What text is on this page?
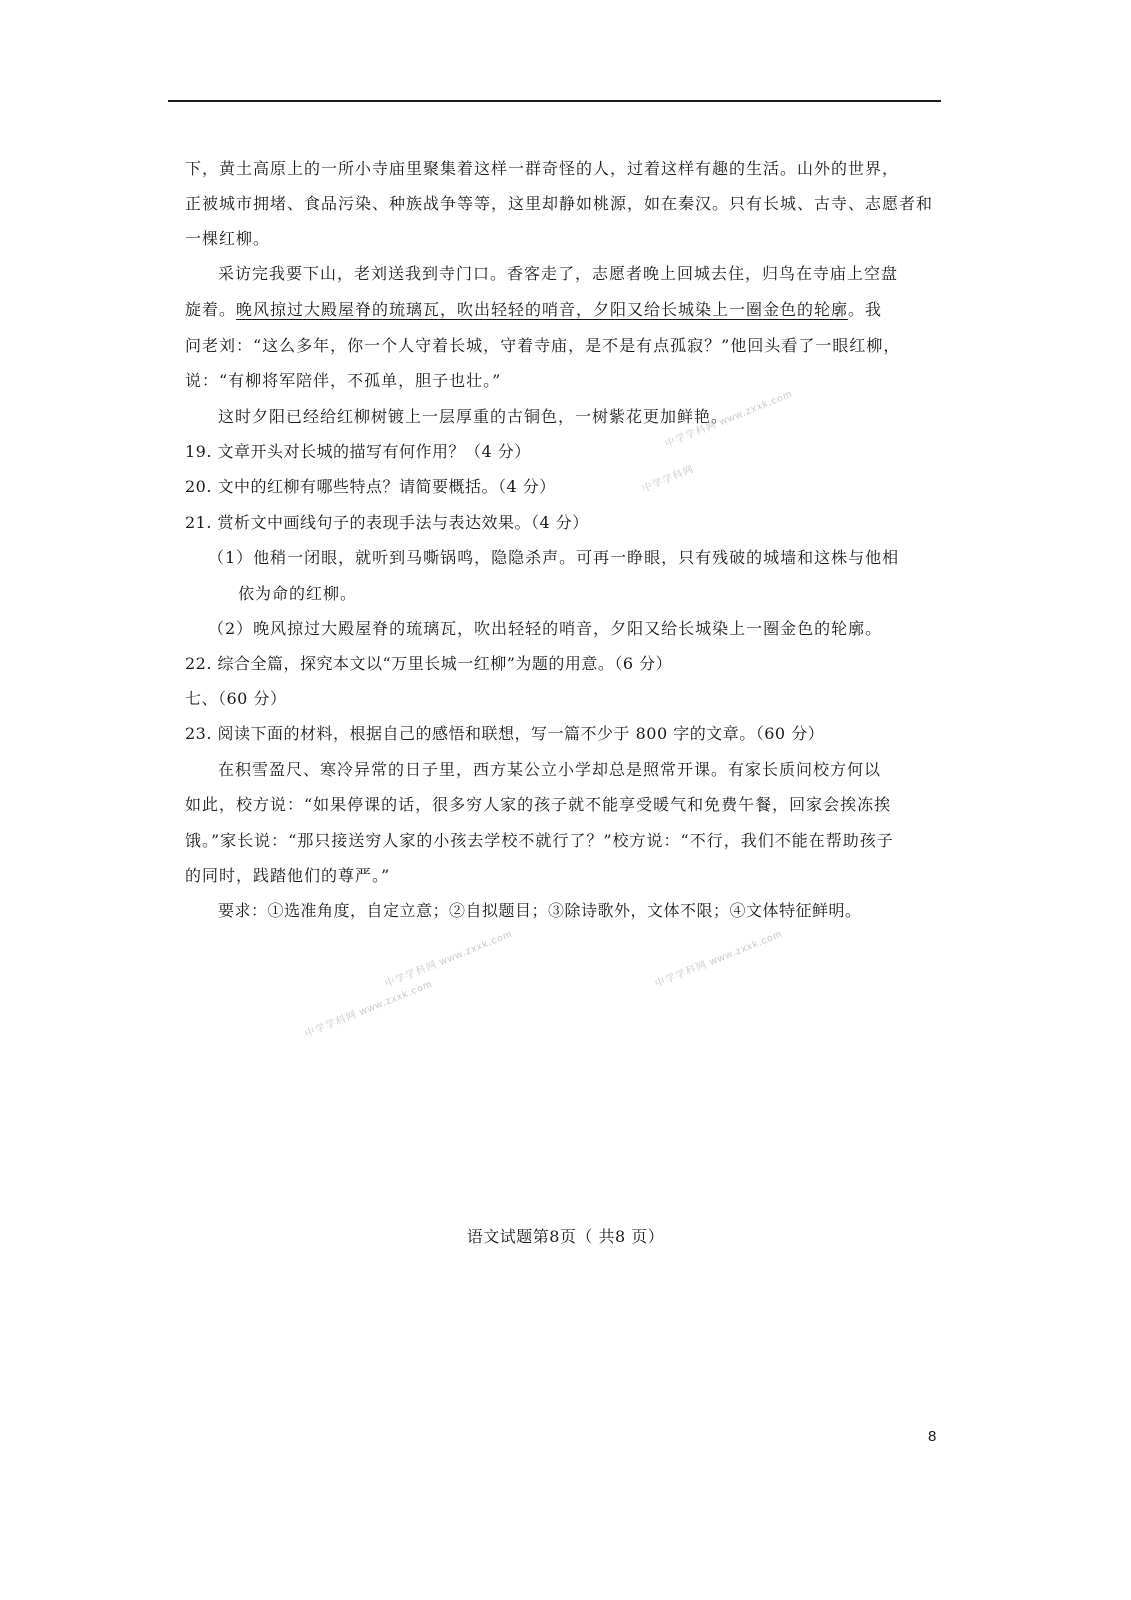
下，黄土高原上的一所小寺庙里聚集着这样一群奇怪的人，过着这样有趣的生活。山外的世界，
正被城市拥堵、食品污染、种族战争等等，这里却静如桃源，如在秦汉。只有长城、古寺、志愿者和
一棵红柳。
采访完我要下山，老刘送我到寺门口。香客走了，志愿者晚上回城去住，归鸟在寺庙上空盘
旋着。晚风掠过大殿屋脊的琉璃瓦，吹出轻轻的哨音，夕阳又给长城染上一圈金色的轮廓。我
问老刘：“这么多年，你一个人守着长城，守着寺庙，是不是有点孤寂？”他回头看了一眼红柳，
说：“有柳将军陪伴，不孤单，胆子也壮。”
这时夕阳已经给红柳树镀上一层厚重的古铜色，一树紫花更加鲜艳。
19. 文章开头对长城的描写有何作用？（4 分）
20. 文中的红柳有哪些特点？请简要概括。（4 分）
21. 赏析文中画线句子的表现手法与表达效果。（4 分）
（1）他稍一闭眼，就听到马嘶锅鸣，隐隐杀声。可再一睁眼，只有残破的城墙和这株与他相
依为命的红柳。
（2）晚风掠过大殿屋脊的琉璃瓦，吹出轻轻的哨音，夕阳又给长城染上一圈金色的轮廓。
22. 综合全篇，探究本文以“万里长城一红柳”为题的用意。（6 分）
七、（60 分）
23. 阅读下面的材料，根据自己的感悟和联想，写一篇不少于 800 字的文章。（60 分）
在积雪盈尺、寒冷异常的日子里，西方某公立小学却总是照常开课。有家长质问校方何以
如此，校方说：“如果停课的话，很多穷人家的孩子就不能享受暖气和免费午餐，回家会挨冻挨
饿。”家长说：“那只接送穷人家的小孩去学校不就行了？”校方说：“不行，我们不能在帮助孩子
的同时，践踏他们的尊严。”
要求：①选准角度，自定立意；②自拟题目；③除诗歌外，文体不限；④文体特征鲜明。
中学学科网 www.zxxk.com
中学学科网
中学学科网 www.zxxk.com	中学学科网 www.zxxk.com
中学学科网 www.zxxk.com
语文试题第8页（ 共8 页）
8
